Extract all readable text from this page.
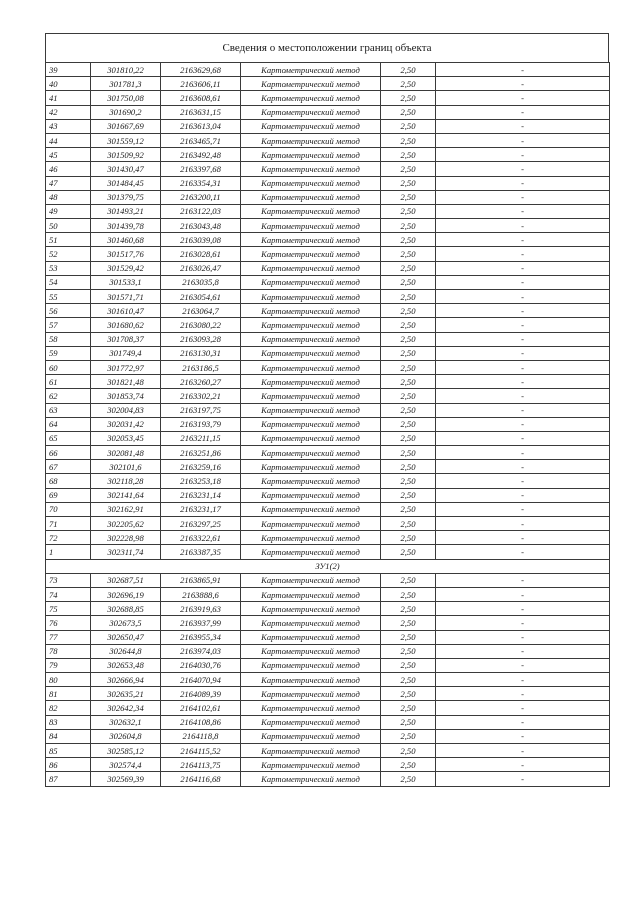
Сведения о местоположении границ объекта
39	301810,22	2163629,68	Картометрический метод	2,50	-
40	301781,3	2163606,11	Картометрический метод	2,50	-
41	301750,08	2163608,61	Картометрический метод	2,50	-
42	301690,2	2163631,15	Картометрический метод	2,50	-
43	301667,69	2163613,04	Картометрический метод	2,50	-
44	301559,12	2163465,71	Картометрический метод	2,50	-
45	301509,92	2163492,48	Картометрический метод	2,50	-
46	301430,47	2163397,68	Картометрический метод	2,50	-
47	301484,45	2163354,31	Картометрический метод	2,50	-
48	301379,75	2163200,11	Картометрический метод	2,50	-
49	301493,21	2163122,03	Картометрический метод	2,50	-
50	301439,78	2163043,48	Картометрический метод	2,50	-
51	301460,68	2163039,08	Картометрический метод	2,50	-
52	301517,76	2163028,61	Картометрический метод	2,50	-
53	301529,42	2163026,47	Картометрический метод	2,50	-
54	301533,1	2163035,8	Картометрический метод	2,50	-
55	301571,71	2163054,61	Картометрический метод	2,50	-
56	301610,47	2163064,7	Картометрический метод	2,50	-
57	301680,62	2163080,22	Картометрический метод	2,50	-
58	301708,37	2163093,28	Картометрический метод	2,50	-
59	301749,4	2163130,31	Картометрический метод	2,50	-
60	301772,97	2163186,5	Картометрический метод	2,50	-
61	301821,48	2163260,27	Картометрический метод	2,50	-
62	301853,74	2163302,21	Картометрический метод	2,50	-
63	302004,83	2163197,75	Картометрический метод	2,50	-
64	302031,42	2163193,79	Картометрический метод	2,50	-
65	302053,45	2163211,15	Картометрический метод	2,50	-
66	302081,48	2163251,86	Картометрический метод	2,50	-
67	302101,6	2163259,16	Картометрический метод	2,50	-
68	302118,28	2163253,18	Картометрический метод	2,50	-
69	302141,64	2163231,14	Картометрический метод	2,50	-
70	302162,91	2163231,17	Картометрический метод	2,50	-
71	302205,62	2163297,25	Картометрический метод	2,50	-
72	302228,98	2163322,61	Картометрический метод	2,50	-
1	302311,74	2163387,35	Картометрический метод	2,50	-
ЗУ1(2)					
73	302687,51	2163865,91	Картометрический метод	2,50	-
74	302696,19	2163888,6	Картометрический метод	2,50	-
75	302688,85	2163919,63	Картометрический метод	2,50	-
76	302673,5	2163937,99	Картометрический метод	2,50	-
77	302650,47	2163955,34	Картометрический метод	2,50	-
78	302644,8	2163974,03	Картометрический метод	2,50	-
79	302653,48	2164030,76	Картометрический метод	2,50	-
80	302666,94	2164070,94	Картометрический метод	2,50	-
81	302635,21	2164089,39	Картометрический метод	2,50	-
82	302642,34	2164102,61	Картометрический метод	2,50	-
83	302632,1	2164108,86	Картометрический метод	2,50	-
84	302604,8	2164118,8	Картометрический метод	2,50	-
85	302585,12	2164115,52	Картометрический метод	2,50	-
86	302574,4	2164113,75	Картометрический метод	2,50	-
87	302569,39	2164116,68	Картометрический метод	2,50	-
